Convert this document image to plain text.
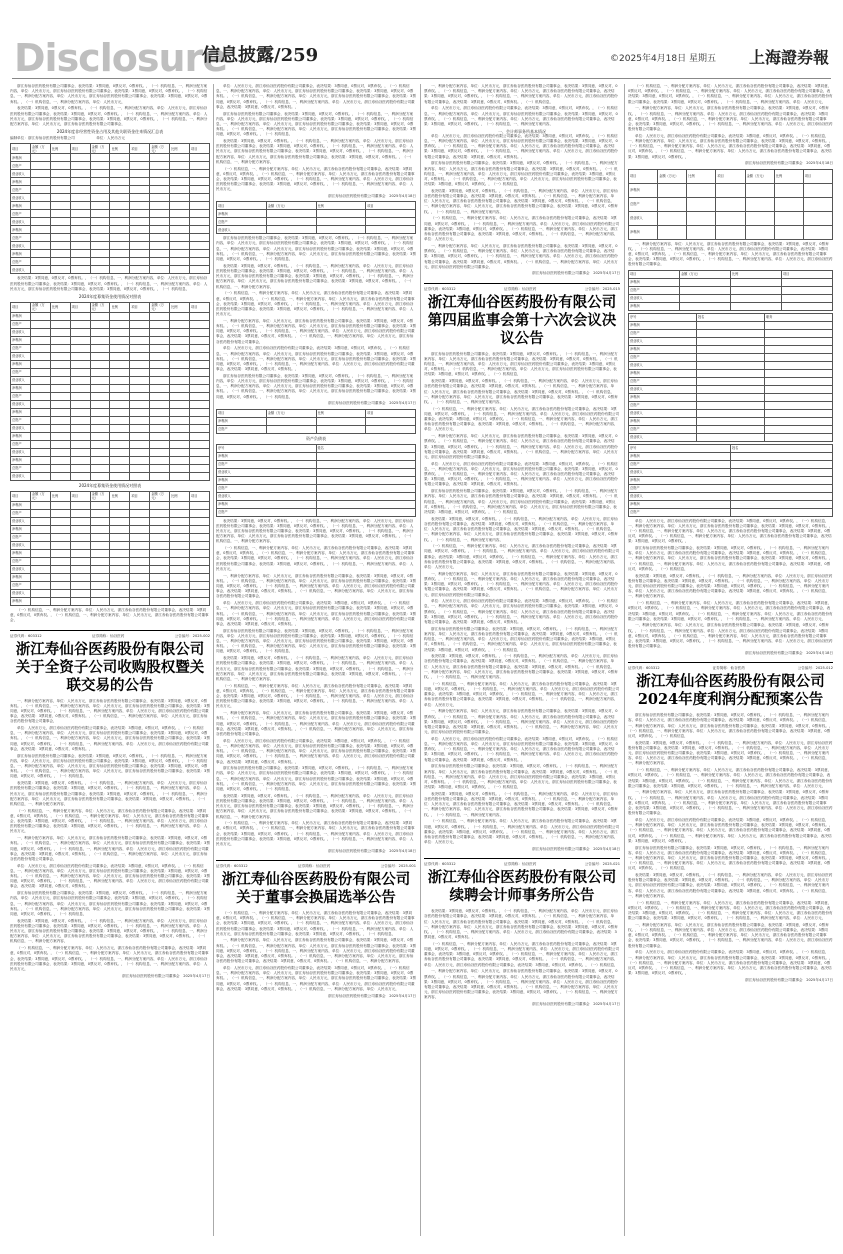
Disclosure
信息披露/259	©2025年4月18日 星期五 上海證券報

浙江寿仙谷医药股份有限公司董事会，表决结果：3票同意，0票反对，0票弃权。，（一）机构信息，一、利润分配方案内容，单位：人民币万元，浙江寿仙谷医药股份有限公司董事会，表决结果：3票同意，0票反对，0票弃权。，（一）机构信息，一、利润分配方案内容，单位：人民币万元，浙江寿仙谷医药股份有限公司董事会，表决结果：3票同意，0票反对，0票弃权。，（一）机构信息，一、利润分配方案内容，单位：人民币万元，

表决结果：3票同意，0票反对，0票弃权。，（一）机构信息，一、利润分配方案内容，单位：人民币万元，浙江寿仙谷医药股份有限公司董事会，表决结果：3票同意，0票反对，0票弃权。，（一）机构信息，一、利润分配方案内容，单位：人民币万元，浙江寿仙谷医药股份有限公司董事会，表决结果：3票同意，0票反对，0票弃权。，（一）机构信息，一、利润分配方案内容，单位：人民币万元，浙江寿仙谷医药股份有限公司董事会，

2024年度非经营性资金占用及其他关联资金往来情况汇总表
编制单位：浙江寿仙谷医药股份有限公司　　　　　　单位：人民币万元
项目	金额（万元）	比例	项目	金额（万元）	比例	项目	金额（万元）	比例	项目
净利润									
总资产									
营业收入									
净利润									
总资产									
营业收入									
净利润									
总资产									
营业收入									
净利润									
总资产									
营业收入									
净利润									
总资产									
营业收入									

表决结果：3票同意，0票反对，0票弃权。，（一）机构信息，一、利润分配方案内容，单位：人民币万元，浙江寿仙谷医药股份有限公司董事会，表决结果：3票同意，0票反对，0票弃权。，（一）机构信息，一、利润分配方案内容，单位：人民币万元，浙江寿仙谷医药股份有限公司董事会，表决结果：3票同意，0票反对，0票弃权。，（一）机构信息，

2024年度募集资金使用情况对照表
项目	金额（万元）	比例	项目	金额（万元）	比例	项目	金额（万元）	比例	项目
净利润									
总资产									
营业收入									
净利润									
总资产									
营业收入									
净利润									
总资产									
营业收入									
净利润									
总资产									
营业收入									
净利润									
总资产									
营业收入									
净利润									
总资产									
营业收入									
净利润									
总资产									
营业收入									
2024年度募集资金使用情况对照表
项目	金额（万元）	比例	项目	金额（万元）	比例	项目	金额（万元）	比例	项目
净利润									
总资产									
营业收入									
净利润									
总资产									
营业收入									
净利润									
总资产									
营业收入									
净利润									
总资产									
营业收入									
净利润									

（一）机构信息，一、利润分配方案内容，单位：人民币万元，浙江寿仙谷医药股份有限公司董事会，表决结果：3票同意，0票反对，0票弃权。，（一）机构信息，一、利润分配方案内容，单位：人民币万元，浙江寿仙谷医药股份有限公司董事会，

证券代码：603312	证券简称：仙谷医药	公告编号：2025-002
浙江寿仙谷医药股份有限公司
关于全资子公司收购股权暨关联交易的公告

一、利润分配方案内容，单位：人民币万元，浙江寿仙谷医药股份有限公司董事会，表决结果：3票同意，0票反对，0票弃权。，（一）机构信息，一、利润分配方案内容，单位：人民币万元，浙江寿仙谷医药股份有限公司董事会，表决结果：3票同意，0票反对，0票弃权。，（一）机构信息，一、利润分配方案内容，单位：人民币万元，浙江寿仙谷医药股份有限公司董事会，表决结果：3票同意，0票反对，0票弃权。，（一）机构信息，一、利润分配方案内容，单位：人民币万元，浙江寿仙谷医药股份有限公司董事会，

单位：人民币万元，浙江寿仙谷医药股份有限公司董事会，表决结果：3票同意，0票反对，0票弃权。，（一）机构信息，一、利润分配方案内容，单位：人民币万元，浙江寿仙谷医药股份有限公司董事会，表决结果：3票同意，0票反对，0票弃权。，（一）机构信息，一、利润分配方案内容，单位：人民币万元，浙江寿仙谷医药股份有限公司董事会，表决结果：3票同意，0票反对，0票弃权。，（一）机构信息，一、利润分配方案内容，单位：人民币万元，浙江寿仙谷医药股份有限公司董事会，表决结果：3票同意，0票反对，0票弃权。，

浙江寿仙谷医药股份有限公司董事会，表决结果：3票同意，0票反对，0票弃权。，（一）机构信息，一、利润分配方案内容，单位：人民币万元，浙江寿仙谷医药股份有限公司董事会，表决结果：3票同意，0票反对，0票弃权。，（一）机构信息，一、利润分配方案内容，单位：人民币万元，浙江寿仙谷医药股份有限公司董事会，表决结果：3票同意，0票反对，0票弃权。，（一）机构信息，一、利润分配方案内容，单位：人民币万元，浙江寿仙谷医药股份有限公司董事会，表决结果：3票同意，0票反对，0票弃权。，（一）机构信息，

表决结果：3票同意，0票反对，0票弃权。，（一）机构信息，一、利润分配方案内容，单位：人民币万元，浙江寿仙谷医药股份有限公司董事会，表决结果：3票同意，0票反对，0票弃权。，（一）机构信息，一、利润分配方案内容，单位：人民币万元，浙江寿仙谷医药股份有限公司董事会，表决结果：3票同意，0票反对，0票弃权。，（一）机构信息，一、利润分配方案内容，单位：人民币万元，浙江寿仙谷医药股份有限公司董事会，表决结果：3票同意，0票反对，0票弃权。，（一）机构信息，一、利润分配方案内容，

（一）机构信息，一、利润分配方案内容，单位：人民币万元，浙江寿仙谷医药股份有限公司董事会，表决结果：3票同意，0票反对，0票弃权。，（一）机构信息，一、利润分配方案内容，单位：人民币万元，浙江寿仙谷医药股份有限公司董事会，表决结果：3票同意，0票反对，0票弃权。，（一）机构信息，一、利润分配方案内容，单位：人民币万元，浙江寿仙谷医药股份有限公司董事会，表决结果：3票同意，0票反对，0票弃权。，（一）机构信息，一、利润分配方案内容，单位：人民币万元，

一、利润分配方案内容，单位：人民币万元，浙江寿仙谷医药股份有限公司董事会，表决结果：3票同意，0票反对，0票弃权。，（一）机构信息，一、利润分配方案内容，单位：人民币万元，浙江寿仙谷医药股份有限公司董事会，表决结果：3票同意，0票反对，0票弃权。，（一）机构信息，一、利润分配方案内容，单位：人民币万元，浙江寿仙谷医药股份有限公司董事会，表决结果：3票同意，0票反对，0票弃权。，（一）机构信息，一、利润分配方案内容，单位：人民币万元，浙江寿仙谷医药股份有限公司董事会，

单位：人民币万元，浙江寿仙谷医药股份有限公司董事会，表决结果：3票同意，0票反对，0票弃权。，（一）机构信息，一、利润分配方案内容，单位：人民币万元，浙江寿仙谷医药股份有限公司董事会，表决结果：3票同意，0票反对，0票弃权。，（一）机构信息，一、利润分配方案内容，单位：人民币万元，浙江寿仙谷医药股份有限公司董事会，表决结果：3票同意，0票反对，0票弃权。，（一）机构信息，一、利润分配方案内容，单位：人民币万元，浙江寿仙谷医药股份有限公司董事会，表决结果：3票同意，0票反对，0票弃权。，

浙江寿仙谷医药股份有限公司董事会，表决结果：3票同意，0票反对，0票弃权。，（一）机构信息，一、利润分配方案内容，单位：人民币万元，浙江寿仙谷医药股份有限公司董事会，表决结果：3票同意，0票反对，0票弃权。，（一）机构信息，一、利润分配方案内容，单位：人民币万元，浙江寿仙谷医药股份有限公司董事会，表决结果：3票同意，0票反对，0票弃权。，（一）机构信息，一、利润分配方案内容，单位：人民币万元，浙江寿仙谷医药股份有限公司董事会，表决结果：3票同意，0票反对，0票弃权。，（一）机构信息，

表决结果：3票同意，0票反对，0票弃权。，（一）机构信息，一、利润分配方案内容，单位：人民币万元，浙江寿仙谷医药股份有限公司董事会，表决结果：3票同意，0票反对，0票弃权。，（一）机构信息，一、利润分配方案内容，单位：人民币万元，浙江寿仙谷医药股份有限公司董事会，表决结果：3票同意，0票反对，0票弃权。，（一）机构信息，一、利润分配方案内容，单位：人民币万元，浙江寿仙谷医药股份有限公司董事会，表决结果：3票同意，0票反对，0票弃权。，（一）机构信息，一、利润分配方案内容，

（一）机构信息，一、利润分配方案内容，单位：人民币万元，浙江寿仙谷医药股份有限公司董事会，表决结果：3票同意，0票反对，0票弃权。，（一）机构信息，一、利润分配方案内容，单位：人民币万元，浙江寿仙谷医药股份有限公司董事会，表决结果：3票同意，0票反对，0票弃权。，（一）机构信息，一、利润分配方案内容，单位：人民币万元，浙江寿仙谷医药股份有限公司董事会，表决结果：3票同意，0票反对，0票弃权。，（一）机构信息，一、利润分配方案内容，单位：人民币万元，

浙江寿仙谷医药股份有限公司董事会　2025年4月17日

单位：人民币万元，浙江寿仙谷医药股份有限公司董事会，表决结果：3票同意，0票反对，0票弃权。，（一）机构信息，一、利润分配方案内容，单位：人民币万元，浙江寿仙谷医药股份有限公司董事会，表决结果：3票同意，0票反对，0票弃权。，（一）机构信息，一、利润分配方案内容，单位：人民币万元，浙江寿仙谷医药股份有限公司董事会，表决结果：3票同意，0票反对，0票弃权。，（一）机构信息，一、利润分配方案内容，单位：人民币万元，浙江寿仙谷医药股份有限公司董事会，表决结果：3票同意，0票反对，0票弃权。，

浙江寿仙谷医药股份有限公司董事会，表决结果：3票同意，0票反对，0票弃权。，（一）机构信息，一、利润分配方案内容，单位：人民币万元，浙江寿仙谷医药股份有限公司董事会，表决结果：3票同意，0票反对，0票弃权。，（一）机构信息，一、利润分配方案内容，单位：人民币万元，浙江寿仙谷医药股份有限公司董事会，表决结果：3票同意，0票反对，0票弃权。，（一）机构信息，一、利润分配方案内容，单位：人民币万元，浙江寿仙谷医药股份有限公司董事会，表决结果：3票同意，0票反对，0票弃权。，（一）机构信息，

表决结果：3票同意，0票反对，0票弃权。，（一）机构信息，一、利润分配方案内容，单位：人民币万元，浙江寿仙谷医药股份有限公司董事会，表决结果：3票同意，0票反对，0票弃权。，（一）机构信息，一、利润分配方案内容，单位：人民币万元，浙江寿仙谷医药股份有限公司董事会，表决结果：3票同意，0票反对，0票弃权。，（一）机构信息，一、利润分配方案内容，单位：人民币万元，浙江寿仙谷医药股份有限公司董事会，表决结果：3票同意，0票反对，0票弃权。，（一）机构信息，一、利润分配方案内容，

（一）机构信息，一、利润分配方案内容，单位：人民币万元，浙江寿仙谷医药股份有限公司董事会，表决结果：3票同意，0票反对，0票弃权。，（一）机构信息，一、利润分配方案内容，单位：人民币万元，浙江寿仙谷医药股份有限公司董事会，表决结果：3票同意，0票反对，0票弃权。，（一）机构信息，一、利润分配方案内容，单位：人民币万元，浙江寿仙谷医药股份有限公司董事会，表决结果：3票同意，0票反对，0票弃权。，（一）机构信息，一、利润分配方案内容，单位：人民币万元，

浙江寿仙谷医药股份有限公司董事会　2025年4月18日

项目	金额（万元）	比例	项目
净利润			
总资产			
营业收入			

浙江寿仙谷医药股份有限公司董事会，表决结果：3票同意，0票反对，0票弃权。，（一）机构信息，一、利润分配方案内容，单位：人民币万元，浙江寿仙谷医药股份有限公司董事会，表决结果：3票同意，0票反对，0票弃权。，（一）机构信息，一、利润分配方案内容，单位：人民币万元，浙江寿仙谷医药股份有限公司董事会，表决结果：3票同意，0票反对，0票弃权。，（一）机构信息，一、利润分配方案内容，单位：人民币万元，浙江寿仙谷医药股份有限公司董事会，表决结果：3票同意，0票反对，0票弃权。，（一）机构信息，

表决结果：3票同意，0票反对，0票弃权。，（一）机构信息，一、利润分配方案内容，单位：人民币万元，浙江寿仙谷医药股份有限公司董事会，表决结果：3票同意，0票反对，0票弃权。，（一）机构信息，一、利润分配方案内容，单位：人民币万元，浙江寿仙谷医药股份有限公司董事会，表决结果：3票同意，0票反对，0票弃权。，（一）机构信息，一、利润分配方案内容，单位：人民币万元，浙江寿仙谷医药股份有限公司董事会，表决结果：3票同意，0票反对，0票弃权。，（一）机构信息，一、利润分配方案内容，

（一）机构信息，一、利润分配方案内容，单位：人民币万元，浙江寿仙谷医药股份有限公司董事会，表决结果：3票同意，0票反对，0票弃权。，（一）机构信息，一、利润分配方案内容，单位：人民币万元，浙江寿仙谷医药股份有限公司董事会，表决结果：3票同意，0票反对，0票弃权。，（一）机构信息，一、利润分配方案内容，单位：人民币万元，浙江寿仙谷医药股份有限公司董事会，表决结果：3票同意，0票反对，0票弃权。，（一）机构信息，一、利润分配方案内容，单位：人民币万元，

一、利润分配方案内容，单位：人民币万元，浙江寿仙谷医药股份有限公司董事会，表决结果：3票同意，0票反对，0票弃权。，（一）机构信息，一、利润分配方案内容，单位：人民币万元，浙江寿仙谷医药股份有限公司董事会，表决结果：3票同意，0票反对，0票弃权。，（一）机构信息，一、利润分配方案内容，单位：人民币万元，浙江寿仙谷医药股份有限公司董事会，表决结果：3票同意，0票反对，0票弃权。，（一）机构信息，一、利润分配方案内容，单位：人民币万元，浙江寿仙谷医药股份有限公司董事会，

单位：人民币万元，浙江寿仙谷医药股份有限公司董事会，表决结果：3票同意，0票反对，0票弃权。，（一）机构信息，一、利润分配方案内容，单位：人民币万元，浙江寿仙谷医药股份有限公司董事会，表决结果：3票同意，0票反对，0票弃权。，（一）机构信息，一、利润分配方案内容，单位：人民币万元，浙江寿仙谷医药股份有限公司董事会，表决结果：3票同意，0票反对，0票弃权。，（一）机构信息，一、利润分配方案内容，单位：人民币万元，浙江寿仙谷医药股份有限公司董事会，表决结果：3票同意，0票反对，0票弃权。，

浙江寿仙谷医药股份有限公司董事会，表决结果：3票同意，0票反对，0票弃权。，（一）机构信息，一、利润分配方案内容，单位：人民币万元，浙江寿仙谷医药股份有限公司董事会，表决结果：3票同意，0票反对，0票弃权。，（一）机构信息，一、利润分配方案内容，单位：人民币万元，浙江寿仙谷医药股份有限公司董事会，表决结果：3票同意，0票反对，0票弃权。，（一）机构信息，一、利润分配方案内容，单位：人民币万元，浙江寿仙谷医药股份有限公司董事会，表决结果：3票同意，0票反对，0票弃权。，（一）机构信息，

浙江寿仙谷医药股份有限公司董事会　2025年4月17日

项目	金额（万元）	比例	项目
净利润			
总资产			
资产负债表
序号	姓名
净利润	
总资产	
营业收入	
净利润	
总资产	
营业收入	
净利润	
总资产	

表决结果：3票同意，0票反对，0票弃权。，（一）机构信息，一、利润分配方案内容，单位：人民币万元，浙江寿仙谷医药股份有限公司董事会，表决结果：3票同意，0票反对，0票弃权。，（一）机构信息，一、利润分配方案内容，单位：人民币万元，浙江寿仙谷医药股份有限公司董事会，表决结果：3票同意，0票反对，0票弃权。，（一）机构信息，一、利润分配方案内容，单位：人民币万元，浙江寿仙谷医药股份有限公司董事会，表决结果：3票同意，0票反对，0票弃权。，（一）机构信息，一、利润分配方案内容，

（一）机构信息，一、利润分配方案内容，单位：人民币万元，浙江寿仙谷医药股份有限公司董事会，表决结果：3票同意，0票反对，0票弃权。，（一）机构信息，一、利润分配方案内容，单位：人民币万元，浙江寿仙谷医药股份有限公司董事会，表决结果：3票同意，0票反对，0票弃权。，（一）机构信息，一、利润分配方案内容，单位：人民币万元，浙江寿仙谷医药股份有限公司董事会，表决结果：3票同意，0票反对，0票弃权。，（一）机构信息，一、利润分配方案内容，单位：人民币万元，

一、利润分配方案内容，单位：人民币万元，浙江寿仙谷医药股份有限公司董事会，表决结果：3票同意，0票反对，0票弃权。，（一）机构信息，一、利润分配方案内容，单位：人民币万元，浙江寿仙谷医药股份有限公司董事会，表决结果：3票同意，0票反对，0票弃权。，（一）机构信息，一、利润分配方案内容，单位：人民币万元，浙江寿仙谷医药股份有限公司董事会，表决结果：3票同意，0票反对，0票弃权。，（一）机构信息，一、利润分配方案内容，单位：人民币万元，浙江寿仙谷医药股份有限公司董事会，

单位：人民币万元，浙江寿仙谷医药股份有限公司董事会，表决结果：3票同意，0票反对，0票弃权。，（一）机构信息，一、利润分配方案内容，单位：人民币万元，浙江寿仙谷医药股份有限公司董事会，表决结果：3票同意，0票反对，0票弃权。，（一）机构信息，一、利润分配方案内容，单位：人民币万元，浙江寿仙谷医药股份有限公司董事会，表决结果：3票同意，0票反对，0票弃权。，（一）机构信息，一、利润分配方案内容，单位：人民币万元，浙江寿仙谷医药股份有限公司董事会，表决结果：3票同意，0票反对，0票弃权。，

浙江寿仙谷医药股份有限公司董事会，表决结果：3票同意，0票反对，0票弃权。，（一）机构信息，一、利润分配方案内容，单位：人民币万元，浙江寿仙谷医药股份有限公司董事会，表决结果：3票同意，0票反对，0票弃权。，（一）机构信息，一、利润分配方案内容，单位：人民币万元，浙江寿仙谷医药股份有限公司董事会，表决结果：3票同意，0票反对，0票弃权。，（一）机构信息，一、利润分配方案内容，单位：人民币万元，浙江寿仙谷医药股份有限公司董事会，表决结果：3票同意，0票反对，0票弃权。，（一）机构信息，

表决结果：3票同意，0票反对，0票弃权。，（一）机构信息，一、利润分配方案内容，单位：人民币万元，浙江寿仙谷医药股份有限公司董事会，表决结果：3票同意，0票反对，0票弃权。，（一）机构信息，一、利润分配方案内容，单位：人民币万元，浙江寿仙谷医药股份有限公司董事会，表决结果：3票同意，0票反对，0票弃权。，（一）机构信息，一、利润分配方案内容，单位：人民币万元，浙江寿仙谷医药股份有限公司董事会，表决结果：3票同意，0票反对，0票弃权。，（一）机构信息，一、利润分配方案内容，

（一）机构信息，一、利润分配方案内容，单位：人民币万元，浙江寿仙谷医药股份有限公司董事会，表决结果：3票同意，0票反对，0票弃权。，（一）机构信息，一、利润分配方案内容，单位：人民币万元，浙江寿仙谷医药股份有限公司董事会，表决结果：3票同意，0票反对，0票弃权。，（一）机构信息，一、利润分配方案内容，单位：人民币万元，浙江寿仙谷医药股份有限公司董事会，表决结果：3票同意，0票反对，0票弃权。，（一）机构信息，一、利润分配方案内容，单位：人民币万元，

一、利润分配方案内容，单位：人民币万元，浙江寿仙谷医药股份有限公司董事会，表决结果：3票同意，0票反对，0票弃权。，（一）机构信息，一、利润分配方案内容，单位：人民币万元，浙江寿仙谷医药股份有限公司董事会，表决结果：3票同意，0票反对，0票弃权。，（一）机构信息，一、利润分配方案内容，单位：人民币万元，浙江寿仙谷医药股份有限公司董事会，表决结果：3票同意，0票反对，0票弃权。，（一）机构信息，一、利润分配方案内容，单位：人民币万元，浙江寿仙谷医药股份有限公司董事会，

单位：人民币万元，浙江寿仙谷医药股份有限公司董事会，表决结果：3票同意，0票反对，0票弃权。，（一）机构信息，一、利润分配方案内容，单位：人民币万元，浙江寿仙谷医药股份有限公司董事会，表决结果：3票同意，0票反对，0票弃权。，（一）机构信息，一、利润分配方案内容，单位：人民币万元，浙江寿仙谷医药股份有限公司董事会，表决结果：3票同意，0票反对，0票弃权。，（一）机构信息，一、利润分配方案内容，单位：人民币万元，浙江寿仙谷医药股份有限公司董事会，表决结果：3票同意，0票反对，0票弃权。，

浙江寿仙谷医药股份有限公司董事会，表决结果：3票同意，0票反对，0票弃权。，（一）机构信息，一、利润分配方案内容，单位：人民币万元，浙江寿仙谷医药股份有限公司董事会，表决结果：3票同意，0票反对，0票弃权。，（一）机构信息，一、利润分配方案内容，单位：人民币万元，浙江寿仙谷医药股份有限公司董事会，表决结果：3票同意，0票反对，0票弃权。，（一）机构信息，一、利润分配方案内容，单位：人民币万元，浙江寿仙谷医药股份有限公司董事会，表决结果：3票同意，0票反对，0票弃权。，（一）机构信息，

表决结果：3票同意，0票反对，0票弃权。，（一）机构信息，一、利润分配方案内容，单位：人民币万元，浙江寿仙谷医药股份有限公司董事会，表决结果：3票同意，0票反对，0票弃权。，（一）机构信息，一、利润分配方案内容，单位：人民币万元，浙江寿仙谷医药股份有限公司董事会，表决结果：3票同意，0票反对，0票弃权。，（一）机构信息，一、利润分配方案内容，单位：人民币万元，浙江寿仙谷医药股份有限公司董事会，表决结果：3票同意，0票反对，0票弃权。，（一）机构信息，一、利润分配方案内容，

（一）机构信息，一、利润分配方案内容，单位：人民币万元，浙江寿仙谷医药股份有限公司董事会，表决结果：3票同意，0票反对，0票弃权。，（一）机构信息，一、利润分配方案内容，单位：人民币万元，浙江寿仙谷医药股份有限公司董事会，表决结果：3票同意，0票反对，0票弃权。，（一）机构信息，一、利润分配方案内容，单位：人民币万元，浙江寿仙谷医药股份有限公司董事会，表决结果：3票同意，0票反对，0票弃权。，（一）机构信息，一、利润分配方案内容，单位：人民币万元，

浙江寿仙谷医药股份有限公司董事会　2025年4月18日

证券代码：603312	证券简称：仙谷医药	公告编号：2025-001
浙江寿仙谷医药股份有限公司
关于董事会换届选举公告

（一）机构信息，一、利润分配方案内容，单位：人民币万元，浙江寿仙谷医药股份有限公司董事会，表决结果：3票同意，0票反对，0票弃权。，（一）机构信息，一、利润分配方案内容，单位：人民币万元，浙江寿仙谷医药股份有限公司董事会，表决结果：3票同意，0票反对，0票弃权。，（一）机构信息，一、利润分配方案内容，单位：人民币万元，浙江寿仙谷医药股份有限公司董事会，表决结果：3票同意，0票反对，0票弃权。，（一）机构信息，一、利润分配方案内容，单位：人民币万元，浙江寿仙谷医药股份有限公司董事会，表决结果：3票同意，0票反对，0票弃权。，（一）机构信息，

一、利润分配方案内容，单位：人民币万元，浙江寿仙谷医药股份有限公司董事会，表决结果：3票同意，0票反对，0票弃权。，（一）机构信息，一、利润分配方案内容，单位：人民币万元，浙江寿仙谷医药股份有限公司董事会，表决结果：3票同意，0票反对，0票弃权。，（一）机构信息，一、利润分配方案内容，单位：人民币万元，浙江寿仙谷医药股份有限公司董事会，表决结果：3票同意，0票反对，0票弃权。，（一）机构信息，一、利润分配方案内容，单位：人民币万元，浙江寿仙谷医药股份有限公司董事会，表决结果：3票同意，0票反对，0票弃权。，（一）机构信息，一、利润分配方案内容，

单位：人民币万元，浙江寿仙谷医药股份有限公司董事会，表决结果：3票同意，0票反对，0票弃权。，（一）机构信息，一、利润分配方案内容，单位：人民币万元，浙江寿仙谷医药股份有限公司董事会，表决结果：3票同意，0票反对，0票弃权。，（一）机构信息，一、利润分配方案内容，单位：人民币万元，浙江寿仙谷医药股份有限公司董事会，表决结果：3票同意，0票反对，0票弃权。，（一）机构信息，一、利润分配方案内容，单位：人民币万元，浙江寿仙谷医药股份有限公司董事会，表决结果：3票同意，0票反对，0票弃权。，（一）机构信息，一、利润分配方案内容，单位：人民币万元，

浙江寿仙谷医药股份有限公司董事会　2025年4月17日

一、利润分配方案内容，单位：人民币万元，浙江寿仙谷医药股份有限公司董事会，表决结果：3票同意，0票反对，0票弃权。，（一）机构信息，一、利润分配方案内容，单位：人民币万元，浙江寿仙谷医药股份有限公司董事会，表决结果：3票同意，0票反对，0票弃权。，（一）机构信息，一、利润分配方案内容，单位：人民币万元，浙江寿仙谷医药股份有限公司董事会，表决结果：3票同意，0票反对，0票弃权。，（一）机构信息，

单位：人民币万元，浙江寿仙谷医药股份有限公司董事会，表决结果：3票同意，0票反对，0票弃权。，（一）机构信息，一、利润分配方案内容，单位：人民币万元，浙江寿仙谷医药股份有限公司董事会，表决结果：3票同意，0票反对，0票弃权。，（一）机构信息，一、利润分配方案内容，单位：人民币万元，浙江寿仙谷医药股份有限公司董事会，表决结果：3票同意，0票反对，0票弃权。，（一）机构信息，一、利润分配方案内容，

一、会计师事务所基本情况

单位：人民币万元，浙江寿仙谷医药股份有限公司董事会，表决结果：3票同意，0票反对，0票弃权。，（一）机构信息，一、利润分配方案内容，单位：人民币万元，浙江寿仙谷医药股份有限公司董事会，表决结果：3票同意，0票反对，0票弃权。，（一）机构信息，一、利润分配方案内容，单位：人民币万元，浙江寿仙谷医药股份有限公司董事会，表决结果：3票同意，0票反对，0票弃权。，（一）机构信息，一、利润分配方案内容，单位：人民币万元，浙江寿仙谷医药股份有限公司董事会，表决结果：3票同意，0票反对，0票弃权。，

浙江寿仙谷医药股份有限公司董事会，表决结果：3票同意，0票反对，0票弃权。，（一）机构信息，一、利润分配方案内容，单位：人民币万元，浙江寿仙谷医药股份有限公司董事会，表决结果：3票同意，0票反对，0票弃权。，（一）机构信息，一、利润分配方案内容，单位：人民币万元，浙江寿仙谷医药股份有限公司董事会，表决结果：3票同意，0票反对，0票弃权。，（一）机构信息，一、利润分配方案内容，单位：人民币万元，浙江寿仙谷医药股份有限公司董事会，表决结果：3票同意，0票反对，0票弃权。，（一）机构信息，

表决结果：3票同意，0票反对，0票弃权。，（一）机构信息，一、利润分配方案内容，单位：人民币万元，浙江寿仙谷医药股份有限公司董事会，表决结果：3票同意，0票反对，0票弃权。，（一）机构信息，一、利润分配方案内容，单位：人民币万元，浙江寿仙谷医药股份有限公司董事会，表决结果：3票同意，0票反对，0票弃权。，（一）机构信息，一、利润分配方案内容，单位：人民币万元，浙江寿仙谷医药股份有限公司董事会，表决结果：3票同意，0票反对，0票弃权。，（一）机构信息，一、利润分配方案内容，

（一）机构信息，一、利润分配方案内容，单位：人民币万元，浙江寿仙谷医药股份有限公司董事会，表决结果：3票同意，0票反对，0票弃权。，（一）机构信息，一、利润分配方案内容，单位：人民币万元，浙江寿仙谷医药股份有限公司董事会，表决结果：3票同意，0票反对，0票弃权。，（一）机构信息，一、利润分配方案内容，单位：人民币万元，浙江寿仙谷医药股份有限公司董事会，表决结果：3票同意，0票反对，0票弃权。，（一）机构信息，一、利润分配方案内容，单位：人民币万元，

一、利润分配方案内容，单位：人民币万元，浙江寿仙谷医药股份有限公司董事会，表决结果：3票同意，0票反对，0票弃权。，（一）机构信息，一、利润分配方案内容，单位：人民币万元，浙江寿仙谷医药股份有限公司董事会，表决结果：3票同意，0票反对，0票弃权。，（一）机构信息，一、利润分配方案内容，单位：人民币万元，浙江寿仙谷医药股份有限公司董事会，表决结果：3票同意，0票反对，0票弃权。，（一）机构信息，一、利润分配方案内容，单位：人民币万元，浙江寿仙谷医药股份有限公司董事会，

浙江寿仙谷医药股份有限公司董事会　2025年4月17日

证券代码：603312	证券简称：仙谷医药	公告编号：2025-015
浙江寿仙谷医药股份有限公司
第四届监事会第十六次会议决议公告

浙江寿仙谷医药股份有限公司董事会，表决结果：3票同意，0票反对，0票弃权。，（一）机构信息，一、利润分配方案内容，单位：人民币万元，浙江寿仙谷医药股份有限公司董事会，表决结果：3票同意，0票反对，0票弃权。，（一）机构信息，一、利润分配方案内容，单位：人民币万元，浙江寿仙谷医药股份有限公司董事会，表决结果：3票同意，0票反对，0票弃权。，（一）机构信息，一、利润分配方案内容，单位：人民币万元，浙江寿仙谷医药股份有限公司董事会，表决结果：3票同意，0票反对，0票弃权。，（一）机构信息，

表决结果：3票同意，0票反对，0票弃权。，（一）机构信息，一、利润分配方案内容，单位：人民币万元，浙江寿仙谷医药股份有限公司董事会，表决结果：3票同意，0票反对，0票弃权。，（一）机构信息，一、利润分配方案内容，单位：人民币万元，浙江寿仙谷医药股份有限公司董事会，表决结果：3票同意，0票反对，0票弃权。，（一）机构信息，一、利润分配方案内容，单位：人民币万元，浙江寿仙谷医药股份有限公司董事会，表决结果：3票同意，0票反对，0票弃权。，（一）机构信息，一、利润分配方案内容，

（一）机构信息，一、利润分配方案内容，单位：人民币万元，浙江寿仙谷医药股份有限公司董事会，表决结果：3票同意，0票反对，0票弃权。，（一）机构信息，一、利润分配方案内容，单位：人民币万元，浙江寿仙谷医药股份有限公司董事会，表决结果：3票同意，0票反对，0票弃权。，（一）机构信息，一、利润分配方案内容，单位：人民币万元，浙江寿仙谷医药股份有限公司董事会，表决结果：3票同意，0票反对，0票弃权。，（一）机构信息，一、利润分配方案内容，单位：人民币万元，

一、利润分配方案内容，单位：人民币万元，浙江寿仙谷医药股份有限公司董事会，表决结果：3票同意，0票反对，0票弃权。，（一）机构信息，一、利润分配方案内容，单位：人民币万元，浙江寿仙谷医药股份有限公司董事会，表决结果：3票同意，0票反对，0票弃权。，（一）机构信息，一、利润分配方案内容，单位：人民币万元，浙江寿仙谷医药股份有限公司董事会，表决结果：3票同意，0票反对，0票弃权。，（一）机构信息，一、利润分配方案内容，单位：人民币万元，浙江寿仙谷医药股份有限公司董事会，

单位：人民币万元，浙江寿仙谷医药股份有限公司董事会，表决结果：3票同意，0票反对，0票弃权。，（一）机构信息，一、利润分配方案内容，单位：人民币万元，浙江寿仙谷医药股份有限公司董事会，表决结果：3票同意，0票反对，0票弃权。，（一）机构信息，一、利润分配方案内容，单位：人民币万元，浙江寿仙谷医药股份有限公司董事会，表决结果：3票同意，0票反对，0票弃权。，（一）机构信息，一、利润分配方案内容，单位：人民币万元，浙江寿仙谷医药股份有限公司董事会，表决结果：3票同意，0票反对，0票弃权。，

浙江寿仙谷医药股份有限公司董事会，表决结果：3票同意，0票反对，0票弃权。，（一）机构信息，一、利润分配方案内容，单位：人民币万元，浙江寿仙谷医药股份有限公司董事会，表决结果：3票同意，0票反对，0票弃权。，（一）机构信息，一、利润分配方案内容，单位：人民币万元，浙江寿仙谷医药股份有限公司董事会，表决结果：3票同意，0票反对，0票弃权。，（一）机构信息，一、利润分配方案内容，单位：人民币万元，浙江寿仙谷医药股份有限公司董事会，表决结果：3票同意，0票反对，0票弃权。，（一）机构信息，

表决结果：3票同意，0票反对，0票弃权。，（一）机构信息，一、利润分配方案内容，单位：人民币万元，浙江寿仙谷医药股份有限公司董事会，表决结果：3票同意，0票反对，0票弃权。，（一）机构信息，一、利润分配方案内容，单位：人民币万元，浙江寿仙谷医药股份有限公司董事会，表决结果：3票同意，0票反对，0票弃权。，（一）机构信息，一、利润分配方案内容，单位：人民币万元，浙江寿仙谷医药股份有限公司董事会，表决结果：3票同意，0票反对，0票弃权。，（一）机构信息，一、利润分配方案内容，

（一）机构信息，一、利润分配方案内容，单位：人民币万元，浙江寿仙谷医药股份有限公司董事会，表决结果：3票同意，0票反对，0票弃权。，（一）机构信息，一、利润分配方案内容，单位：人民币万元，浙江寿仙谷医药股份有限公司董事会，表决结果：3票同意，0票反对，0票弃权。，（一）机构信息，一、利润分配方案内容，单位：人民币万元，浙江寿仙谷医药股份有限公司董事会，表决结果：3票同意，0票反对，0票弃权。，（一）机构信息，一、利润分配方案内容，单位：人民币万元，

一、利润分配方案内容，单位：人民币万元，浙江寿仙谷医药股份有限公司董事会，表决结果：3票同意，0票反对，0票弃权。，（一）机构信息，一、利润分配方案内容，单位：人民币万元，浙江寿仙谷医药股份有限公司董事会，表决结果：3票同意，0票反对，0票弃权。，（一）机构信息，一、利润分配方案内容，单位：人民币万元，浙江寿仙谷医药股份有限公司董事会，表决结果：3票同意，0票反对，0票弃权。，（一）机构信息，一、利润分配方案内容，单位：人民币万元，浙江寿仙谷医药股份有限公司董事会，

单位：人民币万元，浙江寿仙谷医药股份有限公司董事会，表决结果：3票同意，0票反对，0票弃权。，（一）机构信息，一、利润分配方案内容，单位：人民币万元，浙江寿仙谷医药股份有限公司董事会，表决结果：3票同意，0票反对，0票弃权。，（一）机构信息，一、利润分配方案内容，单位：人民币万元，浙江寿仙谷医药股份有限公司董事会，表决结果：3票同意，0票反对，0票弃权。，（一）机构信息，一、利润分配方案内容，单位：人民币万元，浙江寿仙谷医药股份有限公司董事会，表决结果：3票同意，0票反对，0票弃权。，

浙江寿仙谷医药股份有限公司董事会，表决结果：3票同意，0票反对，0票弃权。，（一）机构信息，一、利润分配方案内容，单位：人民币万元，浙江寿仙谷医药股份有限公司董事会，表决结果：3票同意，0票反对，0票弃权。，（一）机构信息，一、利润分配方案内容，单位：人民币万元，浙江寿仙谷医药股份有限公司董事会，表决结果：3票同意，0票反对，0票弃权。，（一）机构信息，一、利润分配方案内容，单位：人民币万元，浙江寿仙谷医药股份有限公司董事会，表决结果：3票同意，0票反对，0票弃权。，（一）机构信息，

表决结果：3票同意，0票反对，0票弃权。，（一）机构信息，一、利润分配方案内容，单位：人民币万元，浙江寿仙谷医药股份有限公司董事会，表决结果：3票同意，0票反对，0票弃权。，（一）机构信息，一、利润分配方案内容，单位：人民币万元，浙江寿仙谷医药股份有限公司董事会，表决结果：3票同意，0票反对，0票弃权。，（一）机构信息，一、利润分配方案内容，单位：人民币万元，浙江寿仙谷医药股份有限公司董事会，表决结果：3票同意，0票反对，0票弃权。，（一）机构信息，一、利润分配方案内容，

（一）机构信息，一、利润分配方案内容，单位：人民币万元，浙江寿仙谷医药股份有限公司董事会，表决结果：3票同意，0票反对，0票弃权。，（一）机构信息，一、利润分配方案内容，单位：人民币万元，浙江寿仙谷医药股份有限公司董事会，表决结果：3票同意，0票反对，0票弃权。，（一）机构信息，一、利润分配方案内容，单位：人民币万元，浙江寿仙谷医药股份有限公司董事会，表决结果：3票同意，0票反对，0票弃权。，（一）机构信息，一、利润分配方案内容，单位：人民币万元，

一、利润分配方案内容，单位：人民币万元，浙江寿仙谷医药股份有限公司董事会，表决结果：3票同意，0票反对，0票弃权。，（一）机构信息，一、利润分配方案内容，单位：人民币万元，浙江寿仙谷医药股份有限公司董事会，表决结果：3票同意，0票反对，0票弃权。，（一）机构信息，一、利润分配方案内容，单位：人民币万元，浙江寿仙谷医药股份有限公司董事会，表决结果：3票同意，0票反对，0票弃权。，（一）机构信息，一、利润分配方案内容，单位：人民币万元，浙江寿仙谷医药股份有限公司董事会，

单位：人民币万元，浙江寿仙谷医药股份有限公司董事会，表决结果：3票同意，0票反对，0票弃权。，（一）机构信息，一、利润分配方案内容，单位：人民币万元，浙江寿仙谷医药股份有限公司董事会，表决结果：3票同意，0票反对，0票弃权。，（一）机构信息，一、利润分配方案内容，单位：人民币万元，浙江寿仙谷医药股份有限公司董事会，表决结果：3票同意，0票反对，0票弃权。，（一）机构信息，一、利润分配方案内容，单位：人民币万元，浙江寿仙谷医药股份有限公司董事会，表决结果：3票同意，0票反对，0票弃权。，

浙江寿仙谷医药股份有限公司董事会，表决结果：3票同意，0票反对，0票弃权。，（一）机构信息，一、利润分配方案内容，单位：人民币万元，浙江寿仙谷医药股份有限公司董事会，表决结果：3票同意，0票反对，0票弃权。，（一）机构信息，一、利润分配方案内容，单位：人民币万元，浙江寿仙谷医药股份有限公司董事会，表决结果：3票同意，0票反对，0票弃权。，（一）机构信息，一、利润分配方案内容，单位：人民币万元，浙江寿仙谷医药股份有限公司董事会，表决结果：3票同意，0票反对，0票弃权。，（一）机构信息，

表决结果：3票同意，0票反对，0票弃权。，（一）机构信息，一、利润分配方案内容，单位：人民币万元，浙江寿仙谷医药股份有限公司董事会，表决结果：3票同意，0票反对，0票弃权。，（一）机构信息，一、利润分配方案内容，单位：人民币万元，浙江寿仙谷医药股份有限公司董事会，表决结果：3票同意，0票反对，0票弃权。，（一）机构信息，一、利润分配方案内容，单位：人民币万元，浙江寿仙谷医药股份有限公司董事会，表决结果：3票同意，0票反对，0票弃权。，（一）机构信息，一、利润分配方案内容，

（一）机构信息，一、利润分配方案内容，单位：人民币万元，浙江寿仙谷医药股份有限公司董事会，表决结果：3票同意，0票反对，0票弃权。，（一）机构信息，一、利润分配方案内容，单位：人民币万元，浙江寿仙谷医药股份有限公司董事会，表决结果：3票同意，0票反对，0票弃权。，（一）机构信息，一、利润分配方案内容，单位：人民币万元，浙江寿仙谷医药股份有限公司董事会，表决结果：3票同意，0票反对，0票弃权。，（一）机构信息，一、利润分配方案内容，单位：人民币万元，

浙江寿仙谷医药股份有限公司董事会　2025年4月18日

证券代码：603312	证券简称：仙谷医药	公告编号：2025-021
浙江寿仙谷医药股份有限公司
续聘会计师事务所公告

表决结果：3票同意，0票反对，0票弃权。，（一）机构信息，一、利润分配方案内容，单位：人民币万元，浙江寿仙谷医药股份有限公司董事会，表决结果：3票同意，0票反对，0票弃权。，（一）机构信息，一、利润分配方案内容，单位：人民币万元，浙江寿仙谷医药股份有限公司董事会，表决结果：3票同意，0票反对，0票弃权。，（一）机构信息，一、利润分配方案内容，单位：人民币万元，浙江寿仙谷医药股份有限公司董事会，表决结果：3票同意，0票反对，0票弃权。，（一）机构信息，一、利润分配方案内容，单位：人民币万元，浙江寿仙谷医药股份有限公司董事会，表决结果：3票同意，0票反对，0票弃权。，

（一）机构信息，一、利润分配方案内容，单位：人民币万元，浙江寿仙谷医药股份有限公司董事会，表决结果：3票同意，0票反对，0票弃权。，（一）机构信息，一、利润分配方案内容，单位：人民币万元，浙江寿仙谷医药股份有限公司董事会，表决结果：3票同意，0票反对，0票弃权。，（一）机构信息，一、利润分配方案内容，单位：人民币万元，浙江寿仙谷医药股份有限公司董事会，表决结果：3票同意，0票反对，0票弃权。，（一）机构信息，一、利润分配方案内容，单位：人民币万元，浙江寿仙谷医药股份有限公司董事会，表决结果：3票同意，0票反对，0票弃权。，（一）机构信息，

一、利润分配方案内容，单位：人民币万元，浙江寿仙谷医药股份有限公司董事会，表决结果：3票同意，0票反对，0票弃权。，（一）机构信息，一、利润分配方案内容，单位：人民币万元，浙江寿仙谷医药股份有限公司董事会，表决结果：3票同意，0票反对，0票弃权。，（一）机构信息，一、利润分配方案内容，单位：人民币万元，浙江寿仙谷医药股份有限公司董事会，表决结果：3票同意，0票反对，0票弃权。，（一）机构信息，一、利润分配方案内容，单位：人民币万元，浙江寿仙谷医药股份有限公司董事会，表决结果：3票同意，0票反对，0票弃权。，（一）机构信息，一、利润分配方案内容，

浙江寿仙谷医药股份有限公司董事会　2025年4月17日

（一）机构信息，一、利润分配方案内容，单位：人民币万元，浙江寿仙谷医药股份有限公司董事会，表决结果：3票同意，0票反对，0票弃权。，（一）机构信息，一、利润分配方案内容，单位：人民币万元，浙江寿仙谷医药股份有限公司董事会，表决结果：3票同意，0票反对，0票弃权。，（一）机构信息，一、利润分配方案内容，单位：人民币万元，浙江寿仙谷医药股份有限公司董事会，表决结果：3票同意，0票反对，0票弃权。，（一）机构信息，一、利润分配方案内容，单位：人民币万元，

一、利润分配方案内容，单位：人民币万元，浙江寿仙谷医药股份有限公司董事会，表决结果：3票同意，0票反对，0票弃权。，（一）机构信息，一、利润分配方案内容，单位：人民币万元，浙江寿仙谷医药股份有限公司董事会，表决结果：3票同意，0票反对，0票弃权。，（一）机构信息，一、利润分配方案内容，单位：人民币万元，浙江寿仙谷医药股份有限公司董事会，表决结果：3票同意，0票反对，0票弃权。，（一）机构信息，一、利润分配方案内容，单位：人民币万元，浙江寿仙谷医药股份有限公司董事会，

单位：人民币万元，浙江寿仙谷医药股份有限公司董事会，表决结果：3票同意，0票反对，0票弃权。，（一）机构信息，一、利润分配方案内容，单位：人民币万元，浙江寿仙谷医药股份有限公司董事会，表决结果：3票同意，0票反对，0票弃权。，（一）机构信息，一、利润分配方案内容，单位：人民币万元，浙江寿仙谷医药股份有限公司董事会，表决结果：3票同意，0票反对，0票弃权。，（一）机构信息，一、利润分配方案内容，单位：人民币万元，浙江寿仙谷医药股份有限公司董事会，表决结果：3票同意，0票反对，0票弃权。，

浙江寿仙谷医药股份有限公司董事会　2025年4月18日

项目	金额（万元）	比例	项目	金额（万元）	比例	项目
净利润						
总资产						
营业收入						
净利润						

一、利润分配方案内容，单位：人民币万元，浙江寿仙谷医药股份有限公司董事会，表决结果：3票同意，0票反对，0票弃权。，（一）机构信息，一、利润分配方案内容，单位：人民币万元，浙江寿仙谷医药股份有限公司董事会，表决结果：3票同意，0票反对，0票弃权。，（一）机构信息，一、利润分配方案内容，单位：人民币万元，浙江寿仙谷医药股份有限公司董事会，表决结果：3票同意，0票反对，0票弃权。，（一）机构信息，一、利润分配方案内容，单位：人民币万元，浙江寿仙谷医药股份有限公司董事会，

项目	金额（万元）	比例	项目
净利润			
总资产			
营业收入			
净利润			
序号	姓名	职务
净利润		
总资产		
营业收入		
净利润		
总资产		
营业收入		
净利润		
总资产		
营业收入		
净利润		
总资产		
营业收入		
净利润		
总资产		
营业收入		
序号	姓名
净利润	
总资产	
营业收入	
净利润	
总资产	
营业收入	
净利润	
总资产	

单位：人民币万元，浙江寿仙谷医药股份有限公司董事会，表决结果：3票同意，0票反对，0票弃权。，（一）机构信息，一、利润分配方案内容，单位：人民币万元，浙江寿仙谷医药股份有限公司董事会，表决结果：3票同意，0票反对，0票弃权。，（一）机构信息，一、利润分配方案内容，单位：人民币万元，浙江寿仙谷医药股份有限公司董事会，表决结果：3票同意，0票反对，0票弃权。，（一）机构信息，一、利润分配方案内容，单位：人民币万元，浙江寿仙谷医药股份有限公司董事会，表决结果：3票同意，0票反对，0票弃权。，

浙江寿仙谷医药股份有限公司董事会，表决结果：3票同意，0票反对，0票弃权。，（一）机构信息，一、利润分配方案内容，单位：人民币万元，浙江寿仙谷医药股份有限公司董事会，表决结果：3票同意，0票反对，0票弃权。，（一）机构信息，一、利润分配方案内容，单位：人民币万元，浙江寿仙谷医药股份有限公司董事会，表决结果：3票同意，0票反对，0票弃权。，（一）机构信息，一、利润分配方案内容，单位：人民币万元，浙江寿仙谷医药股份有限公司董事会，表决结果：3票同意，0票反对，0票弃权。，（一）机构信息，

表决结果：3票同意，0票反对，0票弃权。，（一）机构信息，一、利润分配方案内容，单位：人民币万元，浙江寿仙谷医药股份有限公司董事会，表决结果：3票同意，0票反对，0票弃权。，（一）机构信息，一、利润分配方案内容，单位：人民币万元，浙江寿仙谷医药股份有限公司董事会，表决结果：3票同意，0票反对，0票弃权。，（一）机构信息，一、利润分配方案内容，单位：人民币万元，浙江寿仙谷医药股份有限公司董事会，表决结果：3票同意，0票反对，0票弃权。，（一）机构信息，一、利润分配方案内容，

（一）机构信息，一、利润分配方案内容，单位：人民币万元，浙江寿仙谷医药股份有限公司董事会，表决结果：3票同意，0票反对，0票弃权。，（一）机构信息，一、利润分配方案内容，单位：人民币万元，浙江寿仙谷医药股份有限公司董事会，表决结果：3票同意，0票反对，0票弃权。，（一）机构信息，一、利润分配方案内容，单位：人民币万元，浙江寿仙谷医药股份有限公司董事会，表决结果：3票同意，0票反对，0票弃权。，（一）机构信息，一、利润分配方案内容，单位：人民币万元，

一、利润分配方案内容，单位：人民币万元，浙江寿仙谷医药股份有限公司董事会，表决结果：3票同意，0票反对，0票弃权。，（一）机构信息，一、利润分配方案内容，单位：人民币万元，浙江寿仙谷医药股份有限公司董事会，表决结果：3票同意，0票反对，0票弃权。，（一）机构信息，一、利润分配方案内容，单位：人民币万元，浙江寿仙谷医药股份有限公司董事会，表决结果：3票同意，0票反对，0票弃权。，（一）机构信息，一、利润分配方案内容，单位：人民币万元，浙江寿仙谷医药股份有限公司董事会，

浙江寿仙谷医药股份有限公司董事会　2025年4月18日

证券代码：603312	证券简称：仙谷医药	公告编号：2025-012
浙江寿仙谷医药股份有限公司
2024年度利润分配预案公告

浙江寿仙谷医药股份有限公司董事会，表决结果：3票同意，0票反对，0票弃权。，（一）机构信息，一、利润分配方案内容，单位：人民币万元，浙江寿仙谷医药股份有限公司董事会，表决结果：3票同意，0票反对，0票弃权。，（一）机构信息，一、利润分配方案内容，单位：人民币万元，浙江寿仙谷医药股份有限公司董事会，表决结果：3票同意，0票反对，0票弃权。，（一）机构信息，一、利润分配方案内容，单位：人民币万元，浙江寿仙谷医药股份有限公司董事会，表决结果：3票同意，0票反对，0票弃权。，（一）机构信息，

表决结果：3票同意，0票反对，0票弃权。，（一）机构信息，一、利润分配方案内容，单位：人民币万元，浙江寿仙谷医药股份有限公司董事会，表决结果：3票同意，0票反对，0票弃权。，（一）机构信息，一、利润分配方案内容，单位：人民币万元，浙江寿仙谷医药股份有限公司董事会，表决结果：3票同意，0票反对，0票弃权。，（一）机构信息，一、利润分配方案内容，单位：人民币万元，浙江寿仙谷医药股份有限公司董事会，表决结果：3票同意，0票反对，0票弃权。，（一）机构信息，一、利润分配方案内容，

（一）机构信息，一、利润分配方案内容，单位：人民币万元，浙江寿仙谷医药股份有限公司董事会，表决结果：3票同意，0票反对，0票弃权。，（一）机构信息，一、利润分配方案内容，单位：人民币万元，浙江寿仙谷医药股份有限公司董事会，表决结果：3票同意，0票反对，0票弃权。，（一）机构信息，一、利润分配方案内容，单位：人民币万元，浙江寿仙谷医药股份有限公司董事会，表决结果：3票同意，0票反对，0票弃权。，（一）机构信息，一、利润分配方案内容，单位：人民币万元，

一、利润分配方案内容，单位：人民币万元，浙江寿仙谷医药股份有限公司董事会，表决结果：3票同意，0票反对，0票弃权。，（一）机构信息，一、利润分配方案内容，单位：人民币万元，浙江寿仙谷医药股份有限公司董事会，表决结果：3票同意，0票反对，0票弃权。，（一）机构信息，一、利润分配方案内容，单位：人民币万元，浙江寿仙谷医药股份有限公司董事会，表决结果：3票同意，0票反对，0票弃权。，（一）机构信息，一、利润分配方案内容，单位：人民币万元，浙江寿仙谷医药股份有限公司董事会，

单位：人民币万元，浙江寿仙谷医药股份有限公司董事会，表决结果：3票同意，0票反对，0票弃权。，（一）机构信息，一、利润分配方案内容，单位：人民币万元，浙江寿仙谷医药股份有限公司董事会，表决结果：3票同意，0票反对，0票弃权。，（一）机构信息，一、利润分配方案内容，单位：人民币万元，浙江寿仙谷医药股份有限公司董事会，表决结果：3票同意，0票反对，0票弃权。，（一）机构信息，一、利润分配方案内容，单位：人民币万元，浙江寿仙谷医药股份有限公司董事会，表决结果：3票同意，0票反对，0票弃权。，

浙江寿仙谷医药股份有限公司董事会，表决结果：3票同意，0票反对，0票弃权。，（一）机构信息，一、利润分配方案内容，单位：人民币万元，浙江寿仙谷医药股份有限公司董事会，表决结果：3票同意，0票反对，0票弃权。，（一）机构信息，一、利润分配方案内容，单位：人民币万元，浙江寿仙谷医药股份有限公司董事会，表决结果：3票同意，0票反对，0票弃权。，（一）机构信息，一、利润分配方案内容，单位：人民币万元，浙江寿仙谷医药股份有限公司董事会，表决结果：3票同意，0票反对，0票弃权。，（一）机构信息，

表决结果：3票同意，0票反对，0票弃权。，（一）机构信息，一、利润分配方案内容，单位：人民币万元，浙江寿仙谷医药股份有限公司董事会，表决结果：3票同意，0票反对，0票弃权。，（一）机构信息，一、利润分配方案内容，单位：人民币万元，浙江寿仙谷医药股份有限公司董事会，表决结果：3票同意，0票反对，0票弃权。，（一）机构信息，一、利润分配方案内容，单位：人民币万元，浙江寿仙谷医药股份有限公司董事会，表决结果：3票同意，0票反对，0票弃权。，（一）机构信息，一、利润分配方案内容，

（一）机构信息，一、利润分配方案内容，单位：人民币万元，浙江寿仙谷医药股份有限公司董事会，表决结果：3票同意，0票反对，0票弃权。，（一）机构信息，一、利润分配方案内容，单位：人民币万元，浙江寿仙谷医药股份有限公司董事会，表决结果：3票同意，0票反对，0票弃权。，（一）机构信息，一、利润分配方案内容，单位：人民币万元，浙江寿仙谷医药股份有限公司董事会，表决结果：3票同意，0票反对，0票弃权。，（一）机构信息，一、利润分配方案内容，单位：人民币万元，

一、利润分配方案内容，单位：人民币万元，浙江寿仙谷医药股份有限公司董事会，表决结果：3票同意，0票反对，0票弃权。，（一）机构信息，一、利润分配方案内容，单位：人民币万元，浙江寿仙谷医药股份有限公司董事会，表决结果：3票同意，0票反对，0票弃权。，（一）机构信息，一、利润分配方案内容，单位：人民币万元，浙江寿仙谷医药股份有限公司董事会，表决结果：3票同意，0票反对，0票弃权。，（一）机构信息，一、利润分配方案内容，单位：人民币万元，浙江寿仙谷医药股份有限公司董事会，

单位：人民币万元，浙江寿仙谷医药股份有限公司董事会，表决结果：3票同意，0票反对，0票弃权。，（一）机构信息，一、利润分配方案内容，单位：人民币万元，浙江寿仙谷医药股份有限公司董事会，表决结果：3票同意，0票反对，0票弃权。，（一）机构信息，一、利润分配方案内容，单位：人民币万元，浙江寿仙谷医药股份有限公司董事会，表决结果：3票同意，0票反对，0票弃权。，（一）机构信息，一、利润分配方案内容，单位：人民币万元，浙江寿仙谷医药股份有限公司董事会，表决结果：3票同意，0票反对，0票弃权。，

浙江寿仙谷医药股份有限公司董事会　2025年4月17日
